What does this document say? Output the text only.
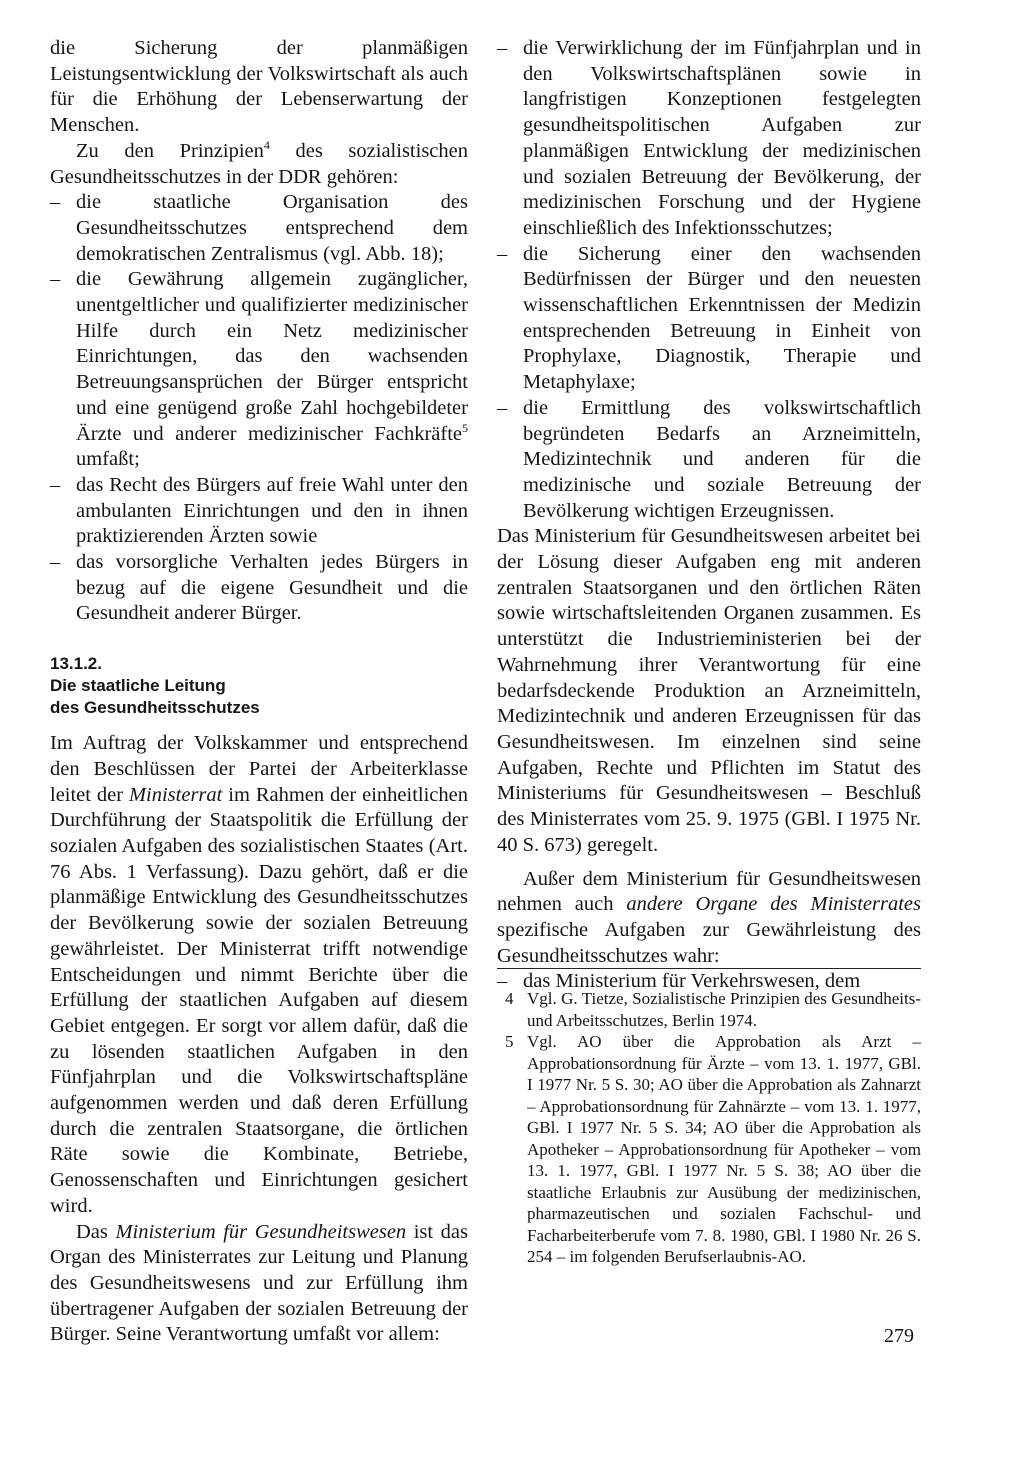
die Sicherung der planmäßigen Leistungsentwicklung der Volkswirtschaft als auch für die Erhöhung der Lebenserwartung der Menschen.

Zu den Prinzipien$^4$ des sozialistischen Gesundheitsschutzes in der DDR gehören:

– die staatliche Organisation des Gesundheitsschutzes entsprechend dem demokratischen Zentralismus (vgl. Abb. 18);
– die Gewährung allgemein zugänglicher, unentgeltlicher und qualifizierter medizinischer Hilfe durch ein Netz medizinischer Einrichtungen, das den wachsenden Betreuungsansprüchen der Bürger entspricht und eine genügend große Zahl hochgebildeter Ärzte und anderer medizinischer Fachkräfte$^5$ umfaßt;
– das Recht des Bürgers auf freie Wahl unter den ambulanten Einrichtungen und den in ihnen praktizierenden Ärzten sowie
– das vorsorgliche Verhalten jedes Bürgers in bezug auf die eigene Gesundheit und die Gesundheit anderer Bürger.
13.1.2.
Die staatliche Leitung
des Gesundheitsschutzes

Im Auftrag der Volkskammer und entsprechend den Beschlüssen der Partei der Arbeiterklasse leitet der Ministerrat im Rahmen der einheitlichen Durchführung der Staatspolitik die Erfüllung der sozialen Aufgaben des sozialistischen Staates (Art. 76 Abs. 1 Verfassung). Dazu gehört, daß er die planmäßige Entwicklung des Gesundheitsschutzes der Bevölkerung sowie der sozialen Betreuung gewährleistet. Der Ministerrat trifft notwendige Entscheidungen und nimmt Berichte über die Erfüllung der staatlichen Aufgaben auf diesem Gebiet entgegen. Er sorgt vor allem dafür, daß die zu lösenden staatlichen Aufgaben in den Fünfjahrplan und die Volkswirtschaftspläne aufgenommen werden und daß deren Erfüllung durch die zentralen Staatsorgane, die örtlichen Räte sowie die Kombinate, Betriebe, Genossenschaften und Einrichtungen gesichert wird.

Das Ministerium für Gesundheitswesen ist das Organ des Ministerrates zur Leitung und Planung des Gesundheitswesens und zur Erfüllung ihm übertragener Aufgaben der sozialen Betreuung der Bürger. Seine Verantwortung umfaßt vor allem:

– die Verwirklichung der im Fünfjahrplan und in den Volkswirtschaftsplänen sowie in langfristigen Konzeptionen festgelegten gesundheitspolitischen Aufgaben zur planmäßigen Entwicklung der medizinischen und sozialen Betreuung der Bevölkerung, der medizinischen Forschung und der Hygiene einschließlich des Infektionsschutzes;
– die Sicherung einer den wachsenden Bedürfnissen der Bürger und den neuesten wissenschaftlichen Erkenntnissen der Medizin entsprechenden Betreuung in Einheit von Prophylaxe, Diagnostik, Therapie und Metaphylaxe;
– die Ermittlung des volkswirtschaftlich begründeten Bedarfs an Arzneimitteln, Medizintechnik und anderen für die medizinische und soziale Betreuung der Bevölkerung wichtigen Erzeugnissen.

Das Ministerium für Gesundheitswesen arbeitet bei der Lösung dieser Aufgaben eng mit anderen zentralen Staatsorganen und den örtlichen Räten sowie wirtschaftsleitenden Organen zusammen. Es unterstützt die Industrieministerien bei der Wahrnehmung ihrer Verantwortung für eine bedarfsdeckende Produktion an Arzneimitteln, Medizintechnik und anderen Erzeugnissen für das Gesundheitswesen. Im einzelnen sind seine Aufgaben, Rechte und Pflichten im Statut des Ministeriums für Gesundheitswesen – Beschluß des Ministerrates vom 25. 9. 1975 (GBl. I 1975 Nr. 40 S. 673) geregelt.

Außer dem Ministerium für Gesundheitswesen nehmen auch andere Organe des Ministerrates spezifische Aufgaben zur Gewährleistung des Gesundheitsschutzes wahr:

– das Ministerium für Verkehrswesen, dem
4 Vgl. G. Tietze, Sozialistische Prinzipien des Gesundheits- und Arbeitsschutzes, Berlin 1974.
5 Vgl. AO über die Approbation als Arzt – Approbationsordnung für Ärzte – vom 13. 1. 1977, GBl. I 1977 Nr. 5 S. 30; AO über die Approbation als Zahnarzt – Approbationsordnung für Zahnärzte – vom 13. 1. 1977, GBl. I 1977 Nr. 5 S. 34; AO über die Approbation als Apotheker – Approbationsordnung für Apotheker – vom 13. 1. 1977, GBl. I 1977 Nr. 5 S. 38; AO über die staatliche Erlaubnis zur Ausübung der medizinischen, pharmazeutischen und sozialen Fachschul- und Facharbeiterberufe vom 7. 8. 1980, GBl. I 1980 Nr. 26 S. 254 – im folgenden Berufserlaubnis-AO.
279
